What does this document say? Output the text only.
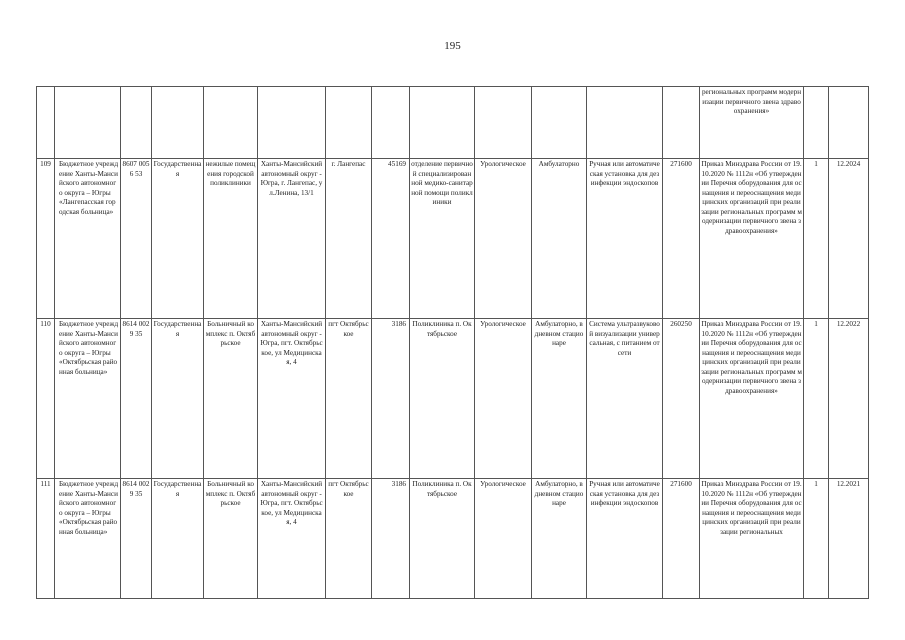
195
													региональных программ модернизации первичного звена здравоохранения»		
109	Бюджетное учреждение Ханты-Мансийского автономного округа – Югры «Лангепасская городская больница»	8607 0056 53	Государственная	нежилые помещения городской поликлиники	Ханты-Мансийский автономный округ - Югра, г. Лангепас, ул.Ленина, 13/1	г. Лангепас	45169	отделение первичной специализированной медико-санитарной помощи поликлиники	Урологическое	Амбулаторно	Ручная или автоматическая установка для дезинфекции эндоскопов	271600	Приказ Минздрава России от 19.10.2020 № 1112н «Об утверждении Перечня оборудования для оснащения и переоснащения медицинских организаций при реализации региональных программ модернизации первичного звена здравоохранения»	1	12.2024
110	Бюджетное учреждение Ханты-Мансийского автономного округа – Югры «Октябрьская районная больница»	8614 0029 35	Государственная	Больничный комплекс п. Октябрьское	Ханты-Мансийский автономный округ - Югра, пгт. Октябрьское, ул Медицинская, 4	пгт Октябрьское	3186	Поликлиника п. Октябрьское	Урологическое	Амбулаторно, в дневном стационаре	Система ультразвуковой визуализации универсальная, с питанием от сети	260250	Приказ Минздрава России от 19.10.2020 № 1112н «Об утверждении Перечня оборудования для оснащения и переоснащения медицинских организаций при реализации региональных программ модернизации первичного звена здравоохранения»	1	12.2022
111	Бюджетное учреждение Ханты-Мансийского автономного округа – Югры «Октябрьская районная больница»	8614 0029 35	Государственная	Больничный комплекс п. Октябрьское	Ханты-Мансийский автономный округ - Югра, пгт. Октябрьское, ул Медицинская, 4	пгт Октябрьское	3186	Поликлиника п. Октябрьское	Урологическое	Амбулаторно, в дневном стационаре	Ручная или автоматическая установка для дезинфекции эндоскопов	271600	Приказ Минздрава России от 19.10.2020 № 1112н «Об утверждении Перечня оборудования для оснащения и переоснащения медицинских организаций при реализации региональных	1	12.2021
